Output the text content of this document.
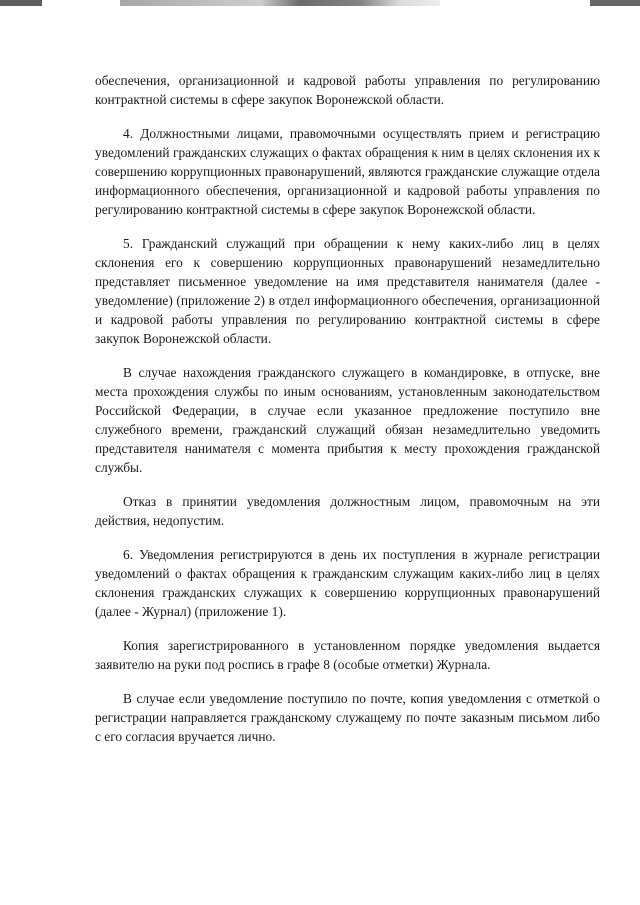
обеспечения, организационной и кадровой работы управления по регулированию контрактной системы в сфере закупок Воронежской области.

4. Должностными лицами, правомочными осуществлять прием и регистрацию уведомлений гражданских служащих о фактах обращения к ним в целях склонения их к совершению коррупционных правонарушений, являются гражданские служащие отдела информационного обеспечения, организационной и кадровой работы управления по регулированию контрактной системы в сфере закупок Воронежской области.

5. Гражданский служащий при обращении к нему каких-либо лиц в целях склонения его к совершению коррупционных правонарушений незамедлительно представляет письменное уведомление на имя представителя нанимателя (далее - уведомление) (приложение 2) в отдел информационного обеспечения, организационной и кадровой работы управления по регулированию контрактной системы в сфере закупок Воронежской области.

В случае нахождения гражданского служащего в командировке, в отпуске, вне места прохождения службы по иным основаниям, установленным законодательством Российской Федерации, в случае если указанное предложение поступило вне служебного времени, гражданский служащий обязан незамедлительно уведомить представителя нанимателя с момента прибытия к месту прохождения гражданской службы.

Отказ в принятии уведомления должностным лицом, правомочным на эти действия, недопустим.

6. Уведомления регистрируются в день их поступления в журнале регистрации уведомлений о фактах обращения к гражданским служащим каких-либо лиц в целях склонения гражданских служащих к совершению коррупционных правонарушений (далее - Журнал) (приложение 1).

Копия зарегистрированного в установленном порядке уведомления выдается заявителю на руки под роспись в графе 8 (особые отметки) Журнала.

В случае если уведомление поступило по почте, копия уведомления с отметкой о регистрации направляется гражданскому служащему по почте заказным письмом либо с его согласия вручается лично.
